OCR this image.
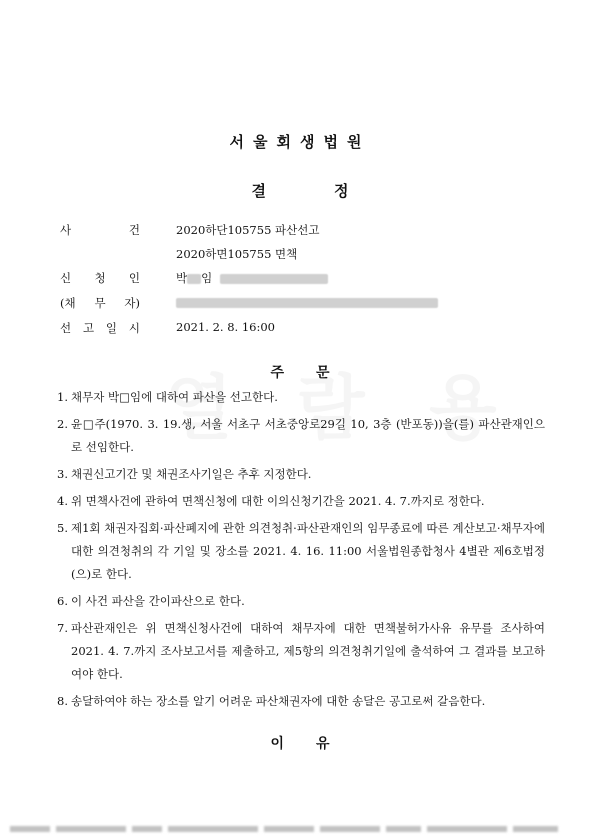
서울회생법원
결	정
사	건	2020하단105755 파산선고
2020하면105755 면책
신 청 인	박 임
(채 무 자)
선 고 일 시	2021. 2. 8. 16:00
주 문
1. 채무자 박□임에 대하여 파산을 선고한다.
2. 윤□주(1970. 3. 19.생, 서울 서초구 서초중앙로29길 10, 3층 (반포동))을(를) 파산관재인으로 선임한다.
3. 채권신고기간 및 채권조사기일은 추후 지정한다.
4. 위 면책사건에 관하여 면책신청에 대한 이의신청기간을 2021. 4. 7.까지로 정한다.
5. 제1회 채권자집회·파산폐지에 관한 의견청취·파산관재인의 임무종료에 따른 계산보고·채무자에 대한 의견청취의 각 기일 및 장소를 2021. 4. 16. 11:00 서울법원종합청사 4별관 제6호법정(으)로 한다.
6. 이 사건 파산을 간이파산으로 한다.
7. 파산관재인은 위 면책신청사건에 대하여 채무자에 대한 면책불허가사유 유무를 조사하여 2021. 4. 7.까지 조사보고서를 제출하고, 제5항의 의견청취기일에 출석하여 그 결과를 보고하여야 한다.
8. 송달하여야 하는 장소를 알기 어려운 파산채권자에 대한 송달은 공고로써 갈음한다.
이 유
